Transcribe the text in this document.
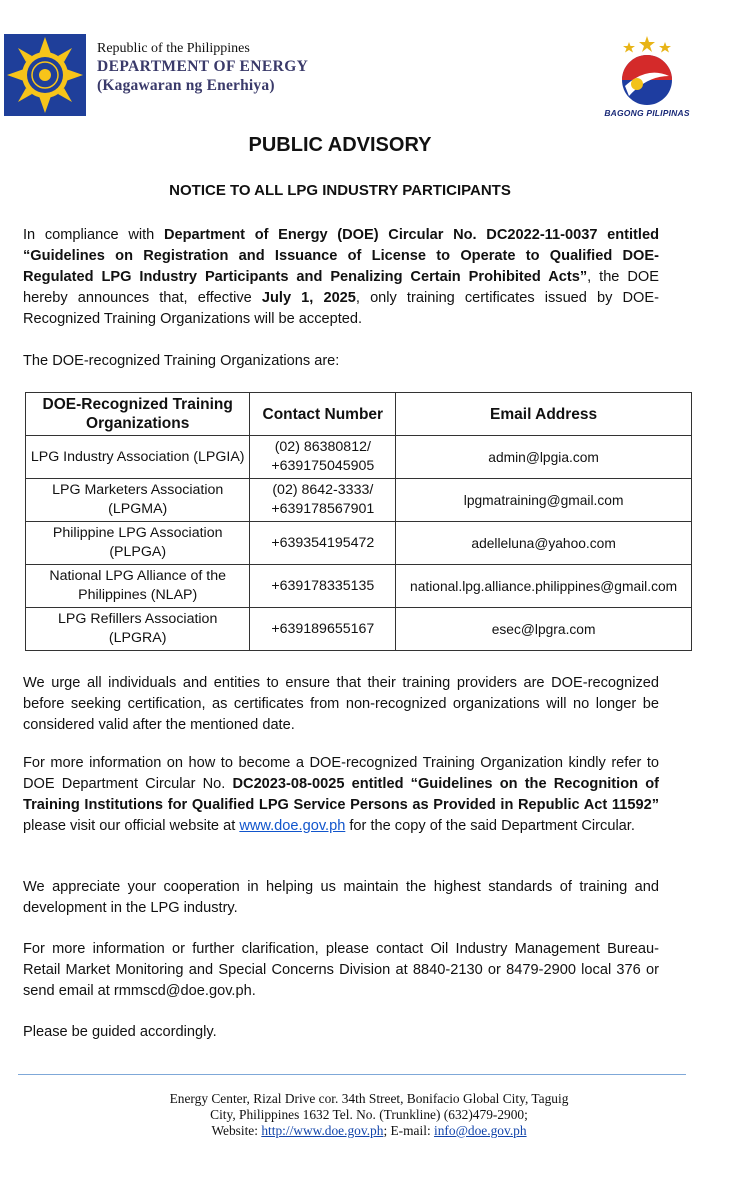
Republic of the Philippines
DEPARTMENT OF ENERGY
(Kagawaran ng Enerhiya)
BAGONG PILIPINAS
PUBLIC ADVISORY
NOTICE TO ALL LPG INDUSTRY PARTICIPANTS
In compliance with Department of Energy (DOE) Circular No. DC2022-11-0037 entitled “Guidelines on Registration and Issuance of License to Operate to Qualified DOE-Regulated LPG Industry Participants and Penalizing Certain Prohibited Acts”, the DOE hereby announces that, effective July 1, 2025, only training certificates issued by DOE-Recognized Training Organizations will be accepted.
The DOE-recognized Training Organizations are:
DOE-Recognized Training Organizations	Contact Number	Email Address
LPG Industry Association (LPGIA)	(02) 86380812/ +639175045905	admin@lpgia.com
LPG Marketers Association (LPGMA)	(02) 8642-3333/ +639178567901	lpgmatraining@gmail.com
Philippine LPG Association (PLPGA)	+639354195472	adelleluna@yahoo.com
National LPG Alliance of the Philippines (NLAP)	+639178335135	national.lpg.alliance.philippines@gmail.com
LPG Refillers Association (LPGRA)	+639189655167	esec@lpgra.com
We urge all individuals and entities to ensure that their training providers are DOE-recognized before seeking certification, as certificates from non-recognized organizations will no longer be considered valid after the mentioned date.
For more information on how to become a DOE-recognized Training Organization kindly refer to DOE Department Circular No. DC2023-08-0025 entitled “Guidelines on the Recognition of Training Institutions for Qualified LPG Service Persons as Provided in Republic Act 11592” please visit our official website at www.doe.gov.ph for the copy of the said Department Circular.
We appreciate your cooperation in helping us maintain the highest standards of training and development in the LPG industry.
For more information or further clarification, please contact Oil Industry Management Bureau- Retail Market Monitoring and Special Concerns Division at 8840-2130 or 8479-2900 local 376 or send email at rmmscd@doe.gov.ph.
Please be guided accordingly.
Energy Center, Rizal Drive cor. 34th Street, Bonifacio Global City, Taguig
City, Philippines 1632 Tel. No. (Trunkline) (632)479-2900;
Website: http://www.doe.gov.ph; E-mail: info@doe.gov.ph
